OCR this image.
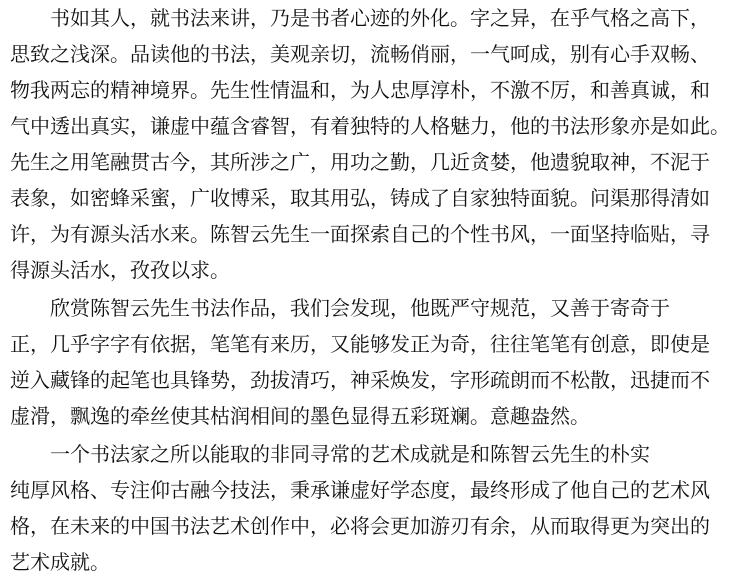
　　书如其人，就书法来讲，乃是书者心迹的外化。字之异，在乎气格之高下，
思致之浅深。品读他的书法，美观亲切，流畅俏丽，一气呵成，别有心手双畅、
物我两忘的精神境界。先生性情温和，为人忠厚淳朴，不激不厉，和善真诚，和
气中透出真实，谦虚中蕴含睿智，有着独特的人格魅力，他的书法形象亦是如此。
先生之用笔融贯古今，其所涉之广，用功之勤，几近贪婪，他遗貌取神，不泥于
表象，如密蜂采蜜，广收博采，取其用弘，铸成了自家独特面貌。问渠那得清如
许，为有源头活水来。陈智云先生一面探索自己的个性书风，一面坚持临贴，寻
得源头活水，孜孜以求。
　　欣赏陈智云先生书法作品，我们会发现，他既严守规范，又善于寄奇于
正，几乎字字有依据，笔笔有来历，又能够发正为奇，往往笔笔有创意，即使是
逆入藏锋的起笔也具锋势，劲拔清巧，神采焕发，字形疏朗而不松散，迅捷而不
虚滑，飘逸的牵丝使其枯润相间的墨色显得五彩斑斓。意趣盎然。
　　一个书法家之所以能取的非同寻常的艺术成就是和陈智云先生的朴实
纯厚风格、专注仰古融今技法，秉承谦虚好学态度，最终形成了他自己的艺术风
格，在未来的中国书法艺术创作中，必将会更加游刃有余，从而取得更为突出的
艺术成就。
